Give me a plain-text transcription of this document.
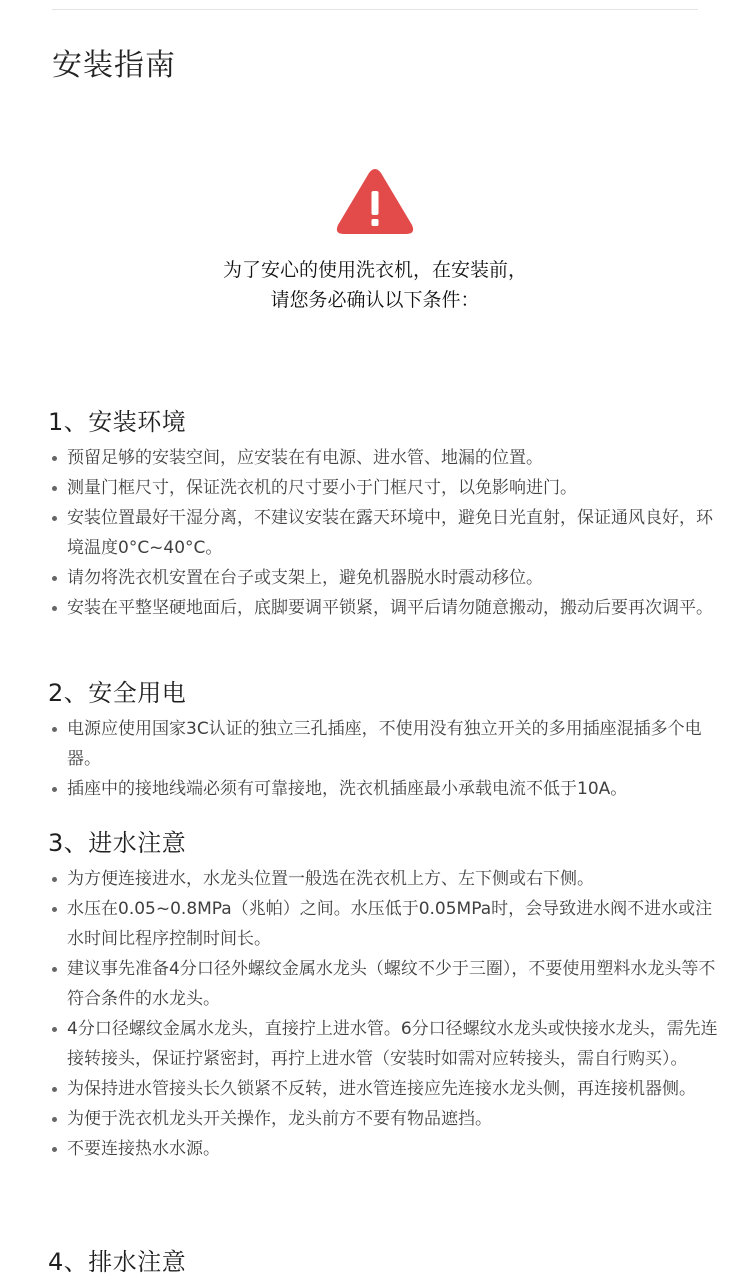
安装指南
为了安心的使用洗衣机，在安装前，
请您务必确认以下条件：
1、安装环境
预留足够的安装空间，应安装在有电源、进水管、地漏的位置。
测量门框尺寸，保证洗衣机的尺寸要小于门框尺寸，以免影响进门。
安装位置最好干湿分离，不建议安装在露天环境中，避免日光直射，保证通风良好，环境温度0°C~40°C。
请勿将洗衣机安置在台子或支架上，避免机器脱水时震动移位。
安装在平整坚硬地面后，底脚要调平锁紧，调平后请勿随意搬动，搬动后要再次调平。
2、安全用电
电源应使用国家3C认证的独立三孔插座，不使用没有独立开关的多用插座混插多个电器。
插座中的接地线端必须有可靠接地，洗衣机插座最小承载电流不低于10A。
3、进水注意
为方便连接进水，水龙头位置一般选在洗衣机上方、左下侧或右下侧。
水压在0.05~0.8MPa（兆帕）之间。水压低于0.05MPa时，会导致进水阀不进水或注水时间比程序控制时间长。
建议事先准备4分口径外螺纹金属水龙头（螺纹不少于三圈），不要使用塑料水龙头等不符合条件的水龙头。
4分口径螺纹金属水龙头，直接拧上进水管。6分口径螺纹水龙头或快接水龙头，需先连接转接头，保证拧紧密封，再拧上进水管（安装时如需对应转接头，需自行购买）。
为保持进水管接头长久锁紧不反转，进水管连接应先连接水龙头侧，再连接机器侧。
为便于洗衣机龙头开关操作，龙头前方不要有物品遮挡。
不要连接热水水源。
4、排水注意
